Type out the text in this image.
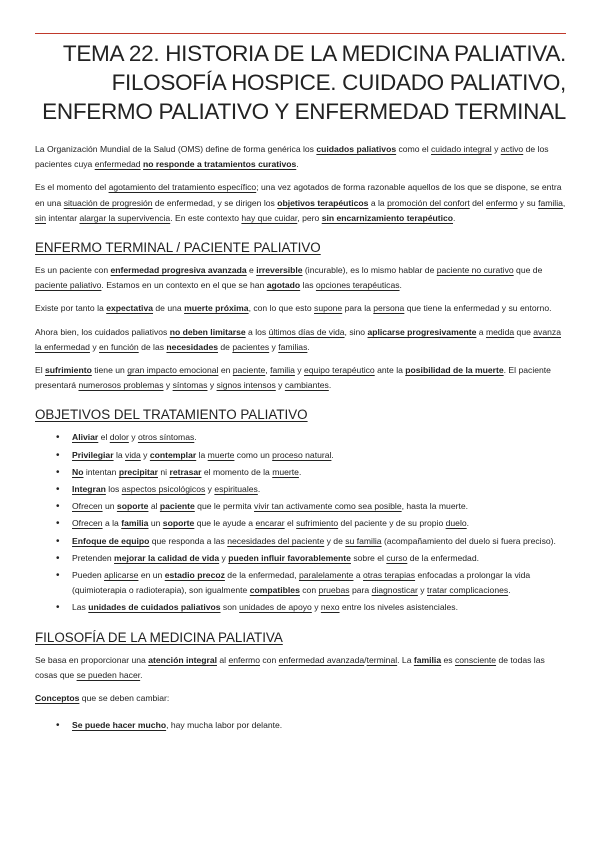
TEMA 22. HISTORIA DE LA MEDICINA PALIATIVA.
FILOSOFÍA HOSPICE. CUIDADO PALIATIVO,
ENFERMO PALIATIVO Y ENFERMEDAD TERMINAL

La Organización Mundial de la Salud (OMS) define de forma genérica los cuidados paliativos como el cuidado integral y activo de los pacientes cuya enfermedad no responde a tratamientos curativos.

Es el momento del agotamiento del tratamiento específico; una vez agotados de forma razonable aquellos de los que se dispone, se entra en una situación de progresión de enfermedad, y se dirigen los objetivos terapéuticos a la promoción del confort del enfermo y su familia, sin intentar alargar la supervivencia. En este contexto hay que cuidar, pero sin encarnizamiento terapéutico.

ENFERMO TERMINAL / PACIENTE PALIATIVO

Es un paciente con enfermedad progresiva avanzada e irreversible (incurable), es lo mismo hablar de paciente no curativo que de paciente paliativo. Estamos en un contexto en el que se han agotado las opciones terapéuticas.

Existe por tanto la expectativa de una muerte próxima, con lo que esto supone para la persona que tiene la enfermedad y su entorno.

Ahora bien, los cuidados paliativos no deben limitarse a los últimos días de vida, sino aplicarse progresivamente a medida que avanza la enfermedad y en función de las necesidades de pacientes y familias.

El sufrimiento tiene un gran impacto emocional en paciente, familia y equipo terapéutico ante la posibilidad de la muerte. El paciente presentará numerosos problemas y síntomas y signos intensos y cambiantes.

OBJETIVOS DEL TRATAMIENTO PALIATIVO
• Aliviar el dolor y otros síntomas.
• Privilegiar la vida y contemplar la muerte como un proceso natural.
• No intentan precipitar ni retrasar el momento de la muerte.
• Integran los aspectos psicológicos y espirituales.
• Ofrecen un soporte al paciente que le permita vivir tan activamente como sea posible, hasta la muerte.
• Ofrecen a la familia un soporte que le ayude a encarar el sufrimiento del paciente y de su propio duelo.
• Enfoque de equipo que responda a las necesidades del paciente y de su familia (acompañamiento del duelo si fuera preciso).
• Pretenden mejorar la calidad de vida y pueden influir favorablemente sobre el curso de la enfermedad.
• Pueden aplicarse en un estadio precoz de la enfermedad, paralelamente a otras terapias enfocadas a prolongar la vida (quimioterapia o radioterapia), son igualmente compatibles con pruebas para diagnosticar y tratar complicaciones.
• Las unidades de cuidados paliativos son unidades de apoyo y nexo entre los niveles asistenciales.
FILOSOFÍA DE LA MEDICINA PALIATIVA

Se basa en proporcionar una atención integral al enfermo con enfermedad avanzada/terminal. La familia es consciente de todas las cosas que se pueden hacer.

Conceptos que se deben cambiar:

• Se puede hacer mucho, hay mucha labor por delante.
